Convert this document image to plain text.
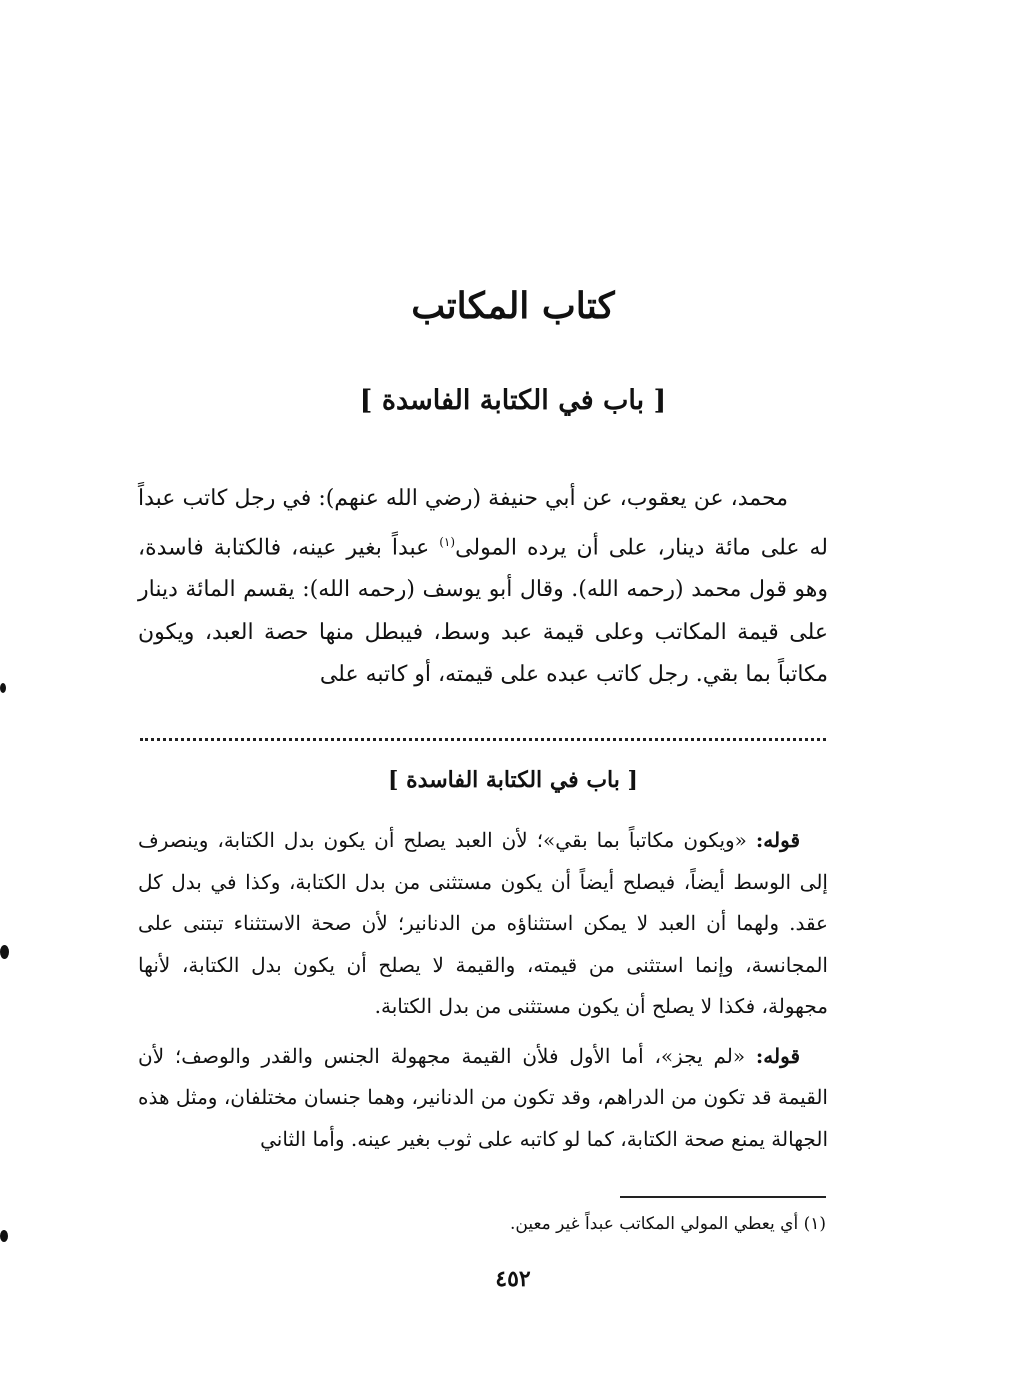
كتاب المكاتب
[ باب في الكتابة الفاسدة ]
محمد، عن يعقوب، عن أبي حنيفة (رضي الله عنهم): في رجل كاتب عبداً له على مائة دينار، على أن يرده المولى$^{(١)}$ عبداً بغير عينه، فالكتابة فاسدة، وهو قول محمد (رحمه الله). وقال أبو يوسف (رحمه الله): يقسم المائة دينار على قيمة المكاتب وعلى قيمة عبد وسط، فيبطل منها حصة العبد، ويكون مكاتباً بما بقي. رجل كاتب عبده على قيمته، أو كاتبه على
[ باب في الكتابة الفاسدة ]

قوله: «ويكون مكاتباً بما بقي»؛ لأن العبد يصلح أن يكون بدل الكتابة، وينصرف إلى الوسط أيضاً، فيصلح أيضاً أن يكون مستثنى من بدل الكتابة، وكذا في بدل كل عقد. ولهما أن العبد لا يمكن استثناؤه من الدنانير؛ لأن صحة الاستثناء تبتنى على المجانسة، وإنما استثنى من قيمته، والقيمة لا يصلح أن يكون بدل الكتابة، لأنها مجهولة، فكذا لا يصلح أن يكون مستثنى من بدل الكتابة.

قوله: «لم يجز»، أما الأول فلأن القيمة مجهولة الجنس والقدر والوصف؛ لأن القيمة قد تكون من الدراهم، وقد تكون من الدنانير، وهما جنسان مختلفان، ومثل هذه الجهالة يمنع صحة الكتابة، كما لو كاتبه على ثوب بغير عينه. وأما الثاني

(١) أي يعطي المولي المكاتب عبداً غير معين.
٤٥٢
